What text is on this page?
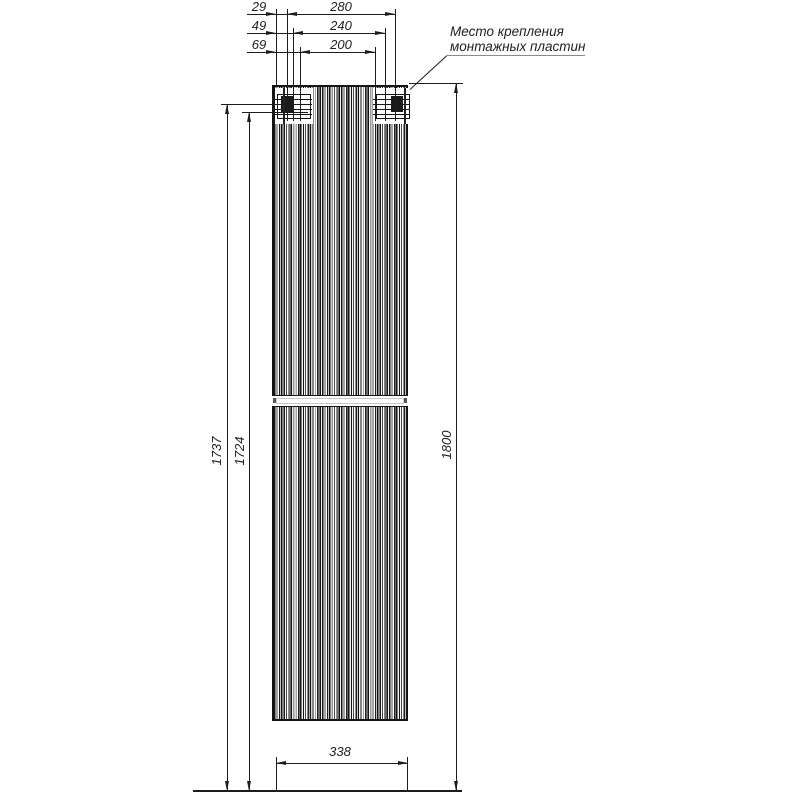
29	280
49	240
69	200
1737 1724	1800
338
Место крепления
монтажных пластин
